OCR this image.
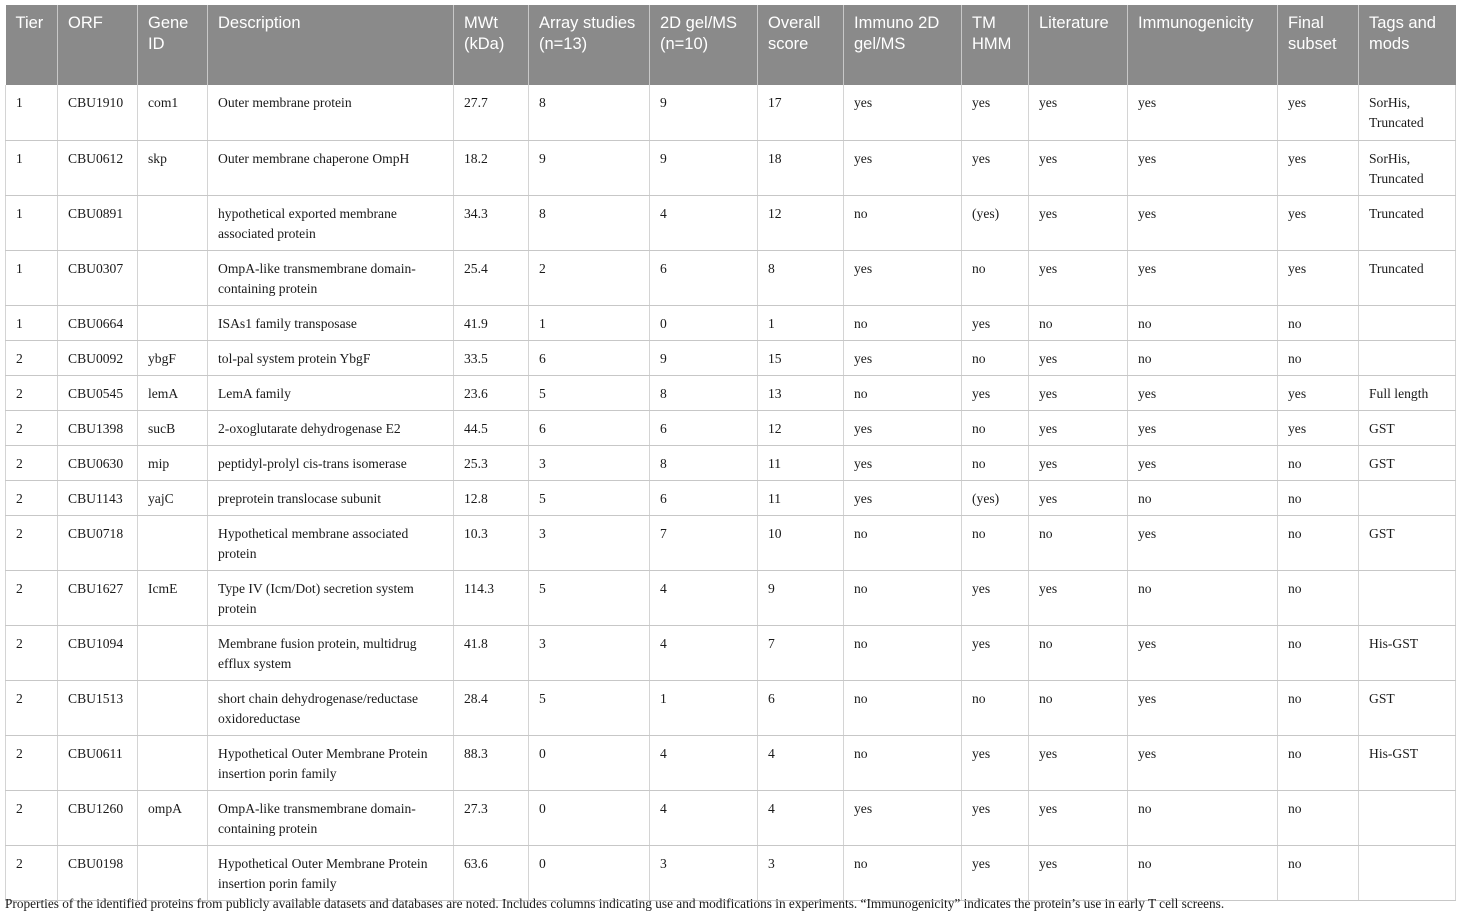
Tier	ORF	Gene ID	Description	MWt (kDa)	Array studies (n=13)	2D gel/MS (n=10)	Overall score	Immuno 2D gel/MS	TM HMM	Literature	Immunogenicity	Final subset	Tags and mods
1	CBU1910	com1	Outer membrane protein	27.7	8	9	17	yes	yes	yes	yes	yes	SorHis, Truncated
1	CBU0612	skp	Outer membrane chaperone OmpH	18.2	9	9	18	yes	yes	yes	yes	yes	SorHis, Truncated
1	CBU0891		hypothetical exported membrane associated protein	34.3	8	4	12	no	(yes)	yes	yes	yes	Truncated
1	CBU0307		OmpA-like transmembrane domain-containing protein	25.4	2	6	8	yes	no	yes	yes	yes	Truncated
1	CBU0664		ISAs1 family transposase	41.9	1	0	1	no	yes	no	no	no	
2	CBU0092	ybgF	tol-pal system protein YbgF	33.5	6	9	15	yes	no	yes	no	no	
2	CBU0545	lemA	LemA family	23.6	5	8	13	no	yes	yes	yes	yes	Full length
2	CBU1398	sucB	2-oxoglutarate dehydrogenase E2	44.5	6	6	12	yes	no	yes	yes	yes	GST
2	CBU0630	mip	peptidyl-prolyl cis-trans isomerase	25.3	3	8	11	yes	no	yes	yes	no	GST
2	CBU1143	yajC	preprotein translocase subunit	12.8	5	6	11	yes	(yes)	yes	no	no	
2	CBU0718		Hypothetical membrane associated protein	10.3	3	7	10	no	no	no	yes	no	GST
2	CBU1627	IcmE	Type IV (Icm/Dot) secretion system protein	114.3	5	4	9	no	yes	yes	no	no	
2	CBU1094		Membrane fusion protein, multidrug efflux system	41.8	3	4	7	no	yes	no	yes	no	His-GST
2	CBU1513		short chain dehydrogenase/reductase oxidoreductase	28.4	5	1	6	no	no	no	yes	no	GST
2	CBU0611		Hypothetical Outer Membrane Protein insertion porin family	88.3	0	4	4	no	yes	yes	yes	no	His-GST
2	CBU1260	ompA	OmpA-like transmembrane domain-containing protein	27.3	0	4	4	yes	yes	yes	no	no	
2	CBU0198		Hypothetical Outer Membrane Protein insertion porin family	63.6	0	3	3	no	yes	yes	no	no	
Properties of the identified proteins from publicly available datasets and databases are noted. Includes columns indicating use and modifications in experiments. “Immunogenicity” indicates the protein’s use in early T cell screens.
